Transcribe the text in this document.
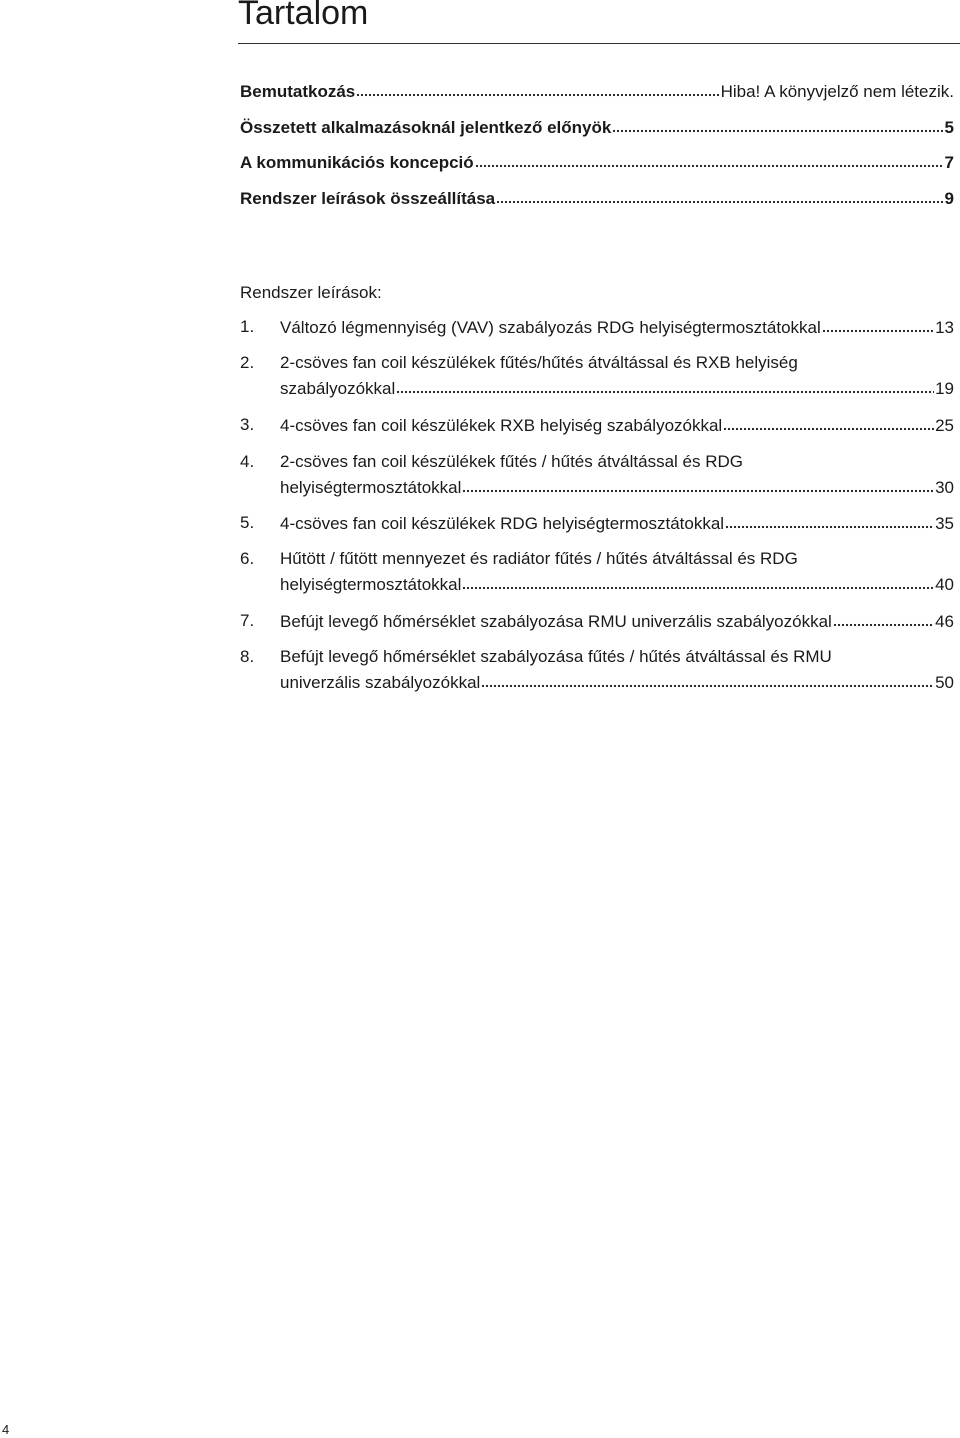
Tartalom
Bemutatkozás	Hiba! A könyvjelző nem létezik.
Összetett alkalmazásoknál jelentkező előnyök	5
A kommunikációs koncepció	7
Rendszer leírások összeállítása	9
Rendszer leírások:
1. Változó légmennyiség (VAV) szabályozás RDG helyiségtermosztátokkal	13
2. 2-csöves fan coil készülékek fűtés/hűtés átváltással és RXB helyiség
szabályozókkal	19
3. 4-csöves fan coil készülékek RXB helyiség szabályozókkal	25
4. 2-csöves fan coil készülékek fűtés / hűtés átváltással és RDG
helyiségtermosztátokkal	30
5. 4-csöves fan coil készülékek RDG helyiségtermosztátokkal	35
6. Hűtött / fűtött mennyezet és radiátor fűtés / hűtés átváltással és RDG
helyiségtermosztátokkal	40
7. Befújt levegő hőmérséklet szabályozása RMU univerzális szabályozókkal	46
8. Befújt levegő hőmérséklet szabályozása fűtés / hűtés átváltással és RMU
univerzális szabályozókkal	50
4
